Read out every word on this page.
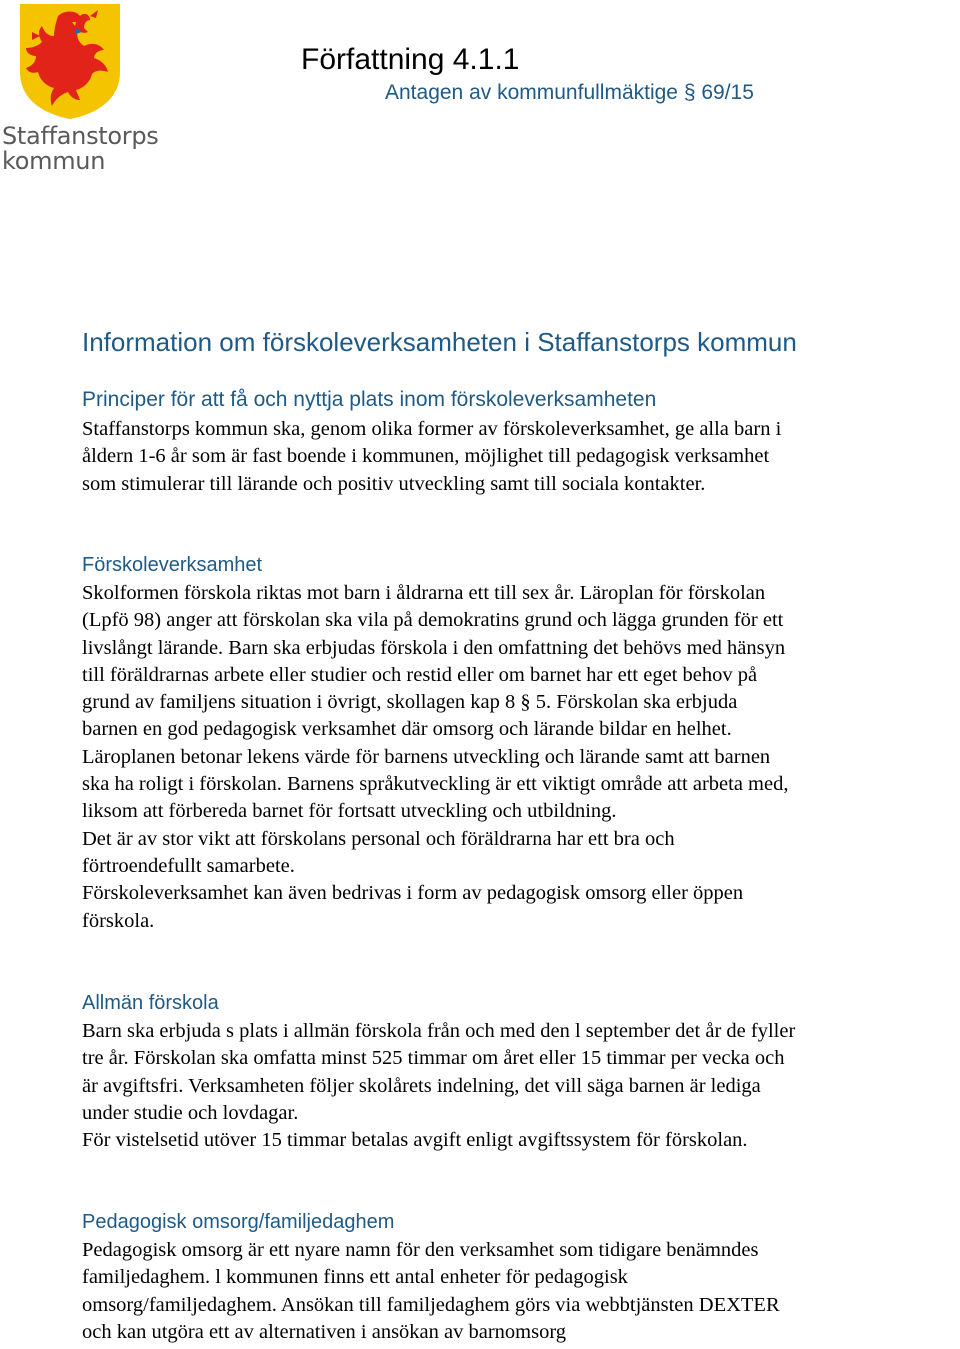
Staffanstorps
kommun
Författning 4.1.1
Antagen av kommunfullmäktige § 69/15
Information om förskoleverksamheten i Staffanstorps kommun
Principer för att få och nyttja plats inom förskoleverksamheten
Staffanstorps kommun ska, genom olika former av förskoleverksamhet, ge alla barn i
åldern 1-6 år som är fast boende i kommunen, möjlighet till pedagogisk verksamhet
som stimulerar till lärande och positiv utveckling samt till sociala kontakter.
Förskoleverksamhet
Skolformen förskola riktas mot barn i åldrarna ett till sex år. Läroplan för förskolan
(Lpfö 98) anger att förskolan ska vila på demokratins grund och lägga grunden för ett
livslångt lärande. Barn ska erbjudas förskola i den omfattning det behövs med hänsyn
till föräldrarnas arbete eller studier och restid eller om barnet har ett eget behov på
grund av familjens situation i övrigt, skollagen kap 8 § 5. Förskolan ska erbjuda
barnen en god pedagogisk verksamhet där omsorg och lärande bildar en helhet.
Läroplanen betonar lekens värde för barnens utveckling och lärande samt att barnen
ska ha roligt i förskolan. Barnens språkutveckling är ett viktigt område att arbeta med,
liksom att förbereda barnet för fortsatt utveckling och utbildning.
Det är av stor vikt att förskolans personal och föräldrarna har ett bra och
förtroendefullt samarbete.
Förskoleverksamhet kan även bedrivas i form av pedagogisk omsorg eller öppen
förskola.
Allmän förskola
Barn ska erbjuda s plats i allmän förskola från och med den l september det år de fyller
tre år. Förskolan ska omfatta minst 525 timmar om året eller 15 timmar per vecka och
är avgiftsfri. Verksamheten följer skolårets indelning, det vill säga barnen är lediga
under studie och lovdagar.
För vistelsetid utöver 15 timmar betalas avgift enligt avgiftssystem för förskolan.
Pedagogisk omsorg/familjedaghem
Pedagogisk omsorg är ett nyare namn för den verksamhet som tidigare benämndes
familjedaghem. l kommunen finns ett antal enheter för pedagogisk
omsorg/familjedaghem. Ansökan till familjedaghem görs via webbtjänsten DEXTER
och kan utgöra ett av alternativen i ansökan av barnomsorg
